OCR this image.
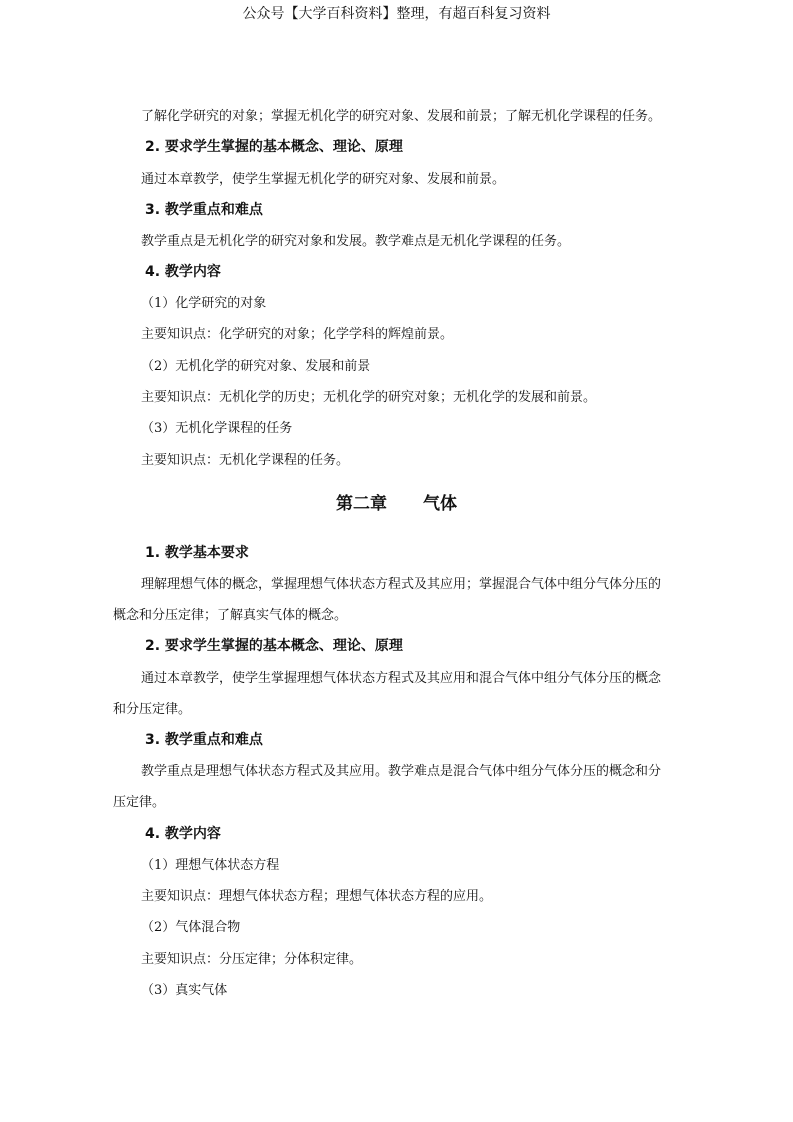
公众号【大学百科资料】整理，有超百科复习资料
了解化学研究的对象；掌握无机化学的研究对象、发展和前景；了解无机化学课程的任务。
2. 要求学生掌握的基本概念、理论、原理
通过本章教学，使学生掌握无机化学的研究对象、发展和前景。
3. 教学重点和难点
教学重点是无机化学的研究对象和发展。教学难点是无机化学课程的任务。
4. 教学内容
（1）化学研究的对象
主要知识点：化学研究的对象；化学学科的辉煌前景。
（2）无机化学的研究对象、发展和前景
主要知识点：无机化学的历史；无机化学的研究对象；无机化学的发展和前景。
（3）无机化学课程的任务
主要知识点：无机化学课程的任务。
第二章 气体
1. 教学基本要求
理解理想气体的概念，掌握理想气体状态方程式及其应用；掌握混合气体中组分气体分压的
概念和分压定律；了解真实气体的概念。
2. 要求学生掌握的基本概念、理论、原理
通过本章教学，使学生掌握理想气体状态方程式及其应用和混合气体中组分气体分压的概念
和分压定律。
3. 教学重点和难点
教学重点是理想气体状态方程式及其应用。教学难点是混合气体中组分气体分压的概念和分
压定律。
4. 教学内容
（1）理想气体状态方程
主要知识点：理想气体状态方程；理想气体状态方程的应用。
（2）气体混合物
主要知识点：分压定律；分体积定律。
（3）真实气体
